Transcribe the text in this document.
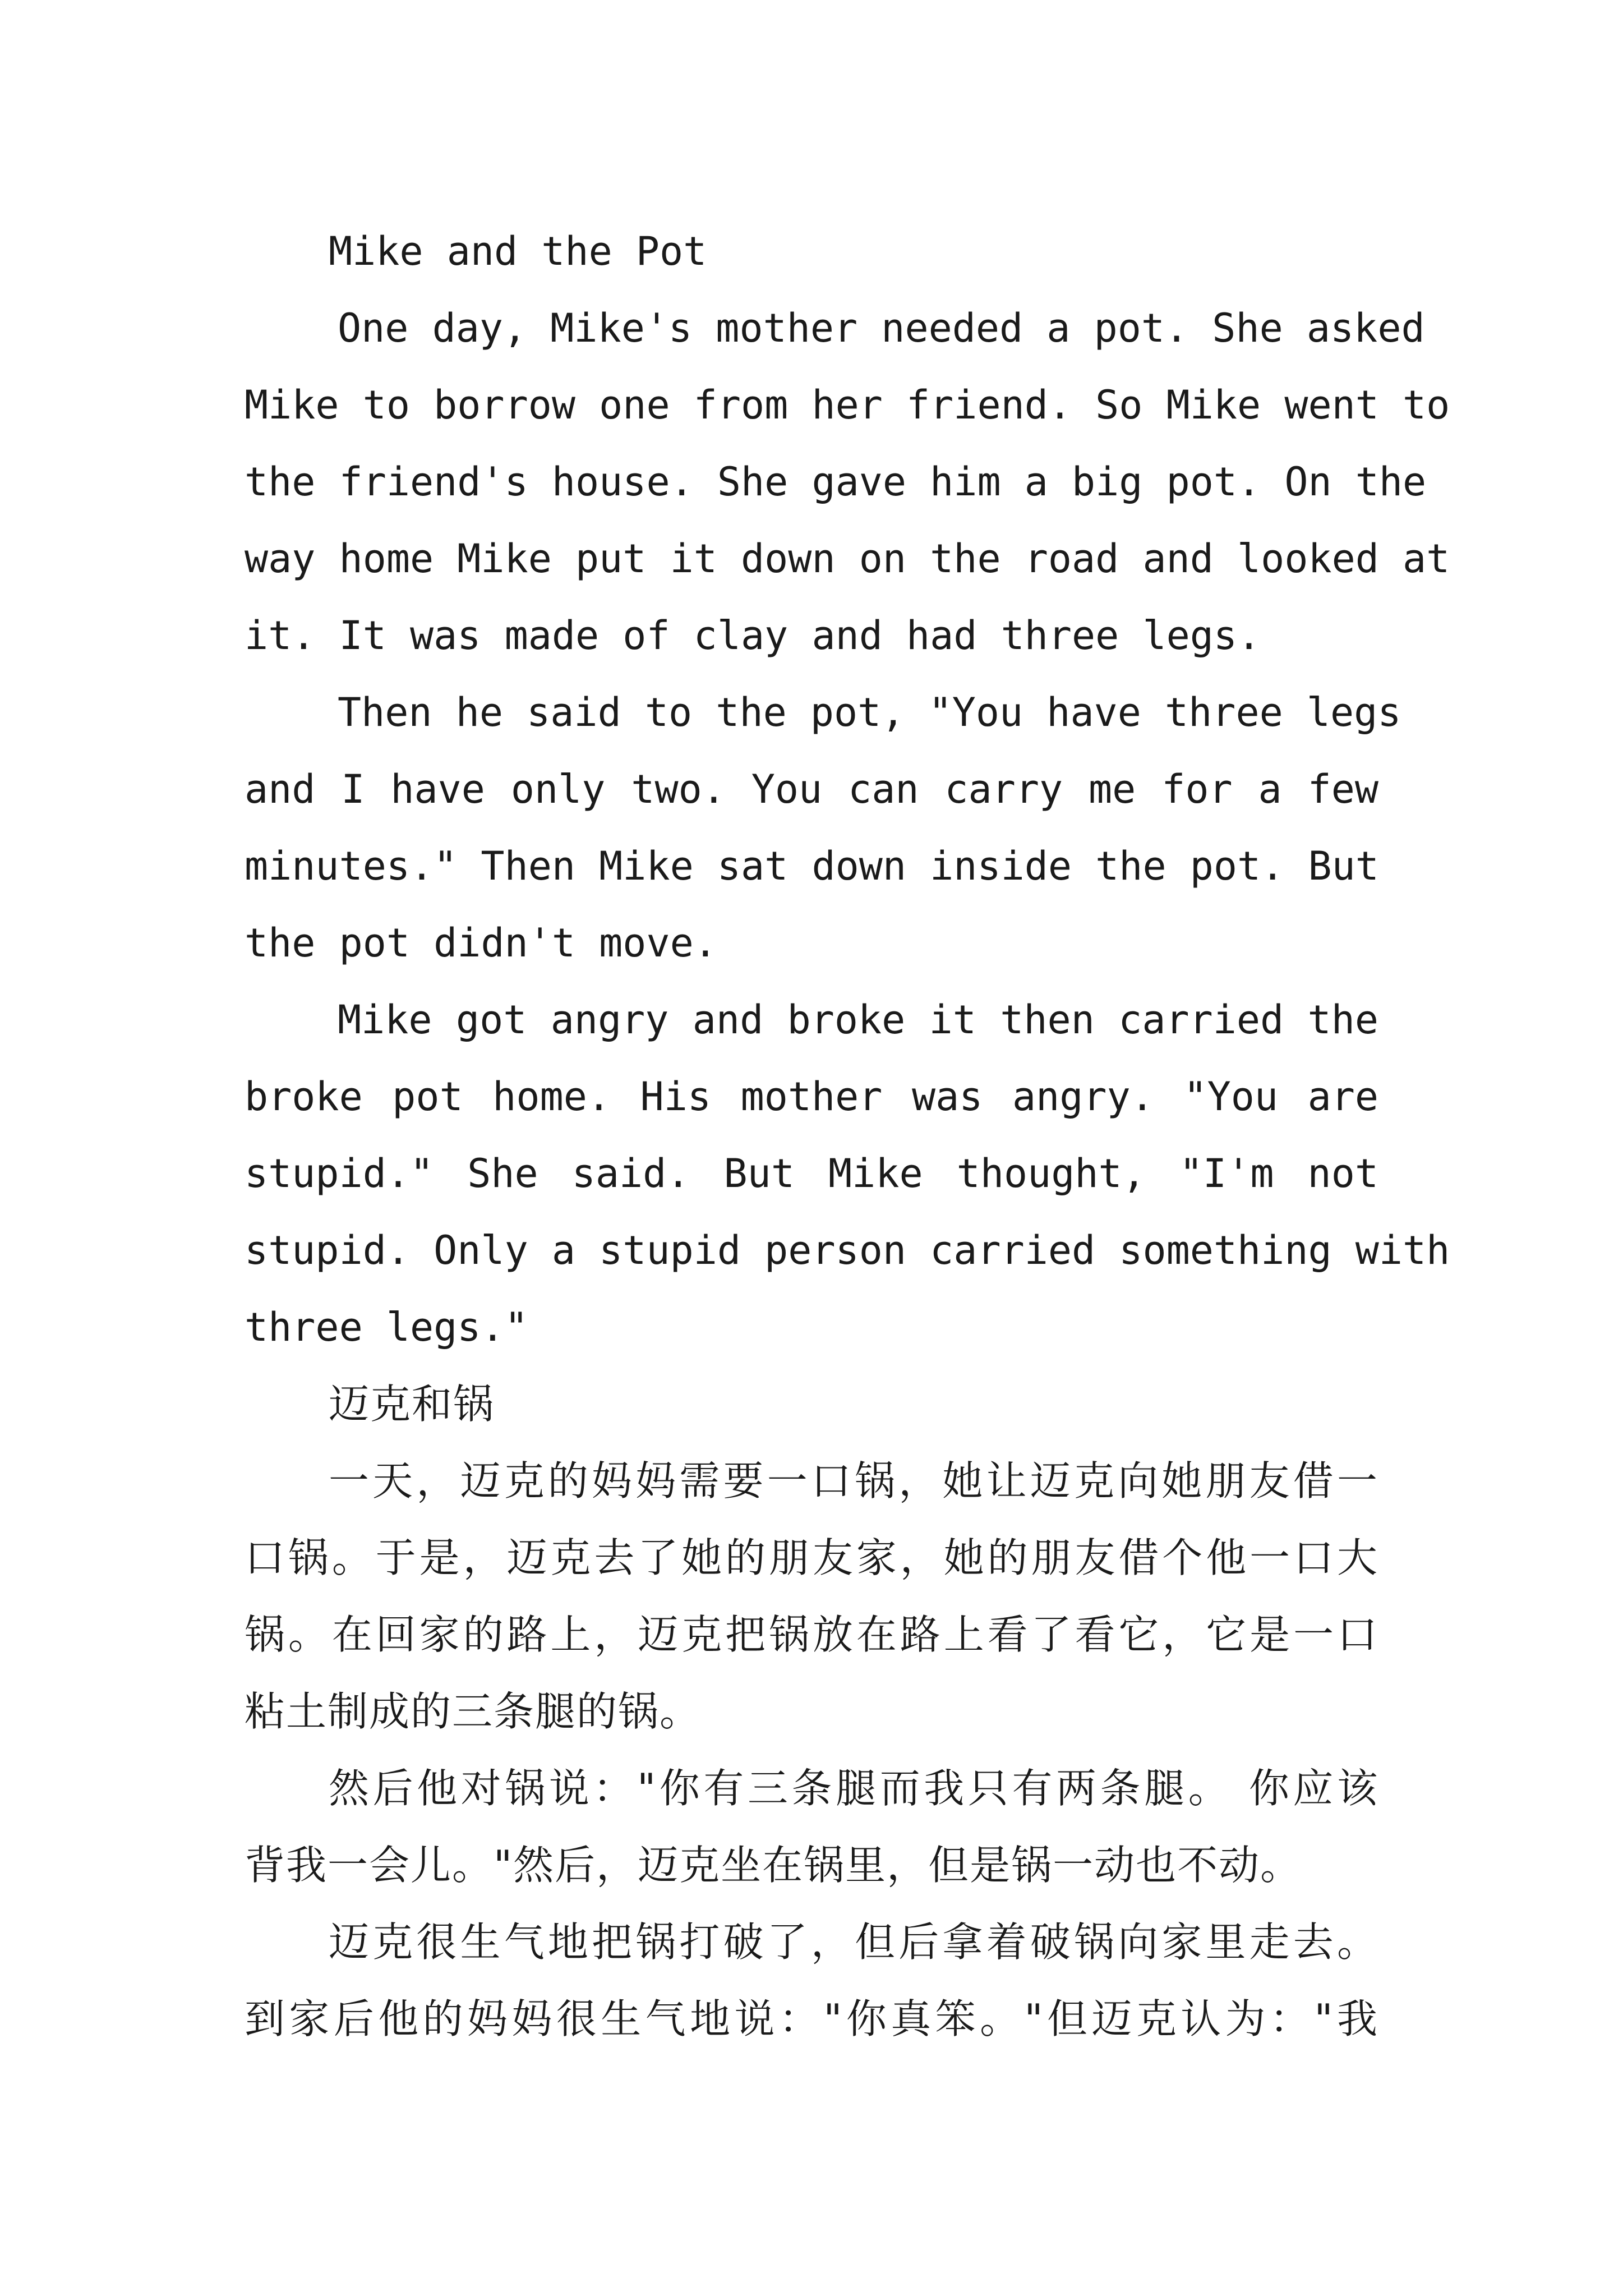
Mike and the Pot
One day, Mike's mother needed a pot. She asked
Mike to borrow one from her friend. So Mike went to
the friend's house. She gave him a big pot. On the
way home Mike put it down on the road and looked at
it. It was made of clay and had three legs.
Then he said to the pot, "You have three legs
and I have only two. You can carry me for a few
minutes." Then Mike sat down inside the pot. But
the pot didn't move.
Mike got angry and broke it then carried the
broke pot home. His mother was angry. "You are
stupid." She said. But Mike thought, "I'm not
stupid. Only a stupid person carried something with
three legs."
迈克和锅
一天，迈克的妈妈需要一口锅，她让迈克向她朋友借一
口锅。于是，迈克去了她的朋友家，她的朋友借个他一口大
锅。在回家的路上，迈克把锅放在路上看了看它，它是一口
粘土制成的三条腿的锅。
然后他对锅说："你有三条腿而我只有两条腿。 你应该
背我一会儿。"然后，迈克坐在锅里，但是锅一动也不动。
迈克很生气地把锅打破了，但后拿着破锅向家里走去。
到家后他的妈妈很生气地说："你真笨。"但迈克认为："我
